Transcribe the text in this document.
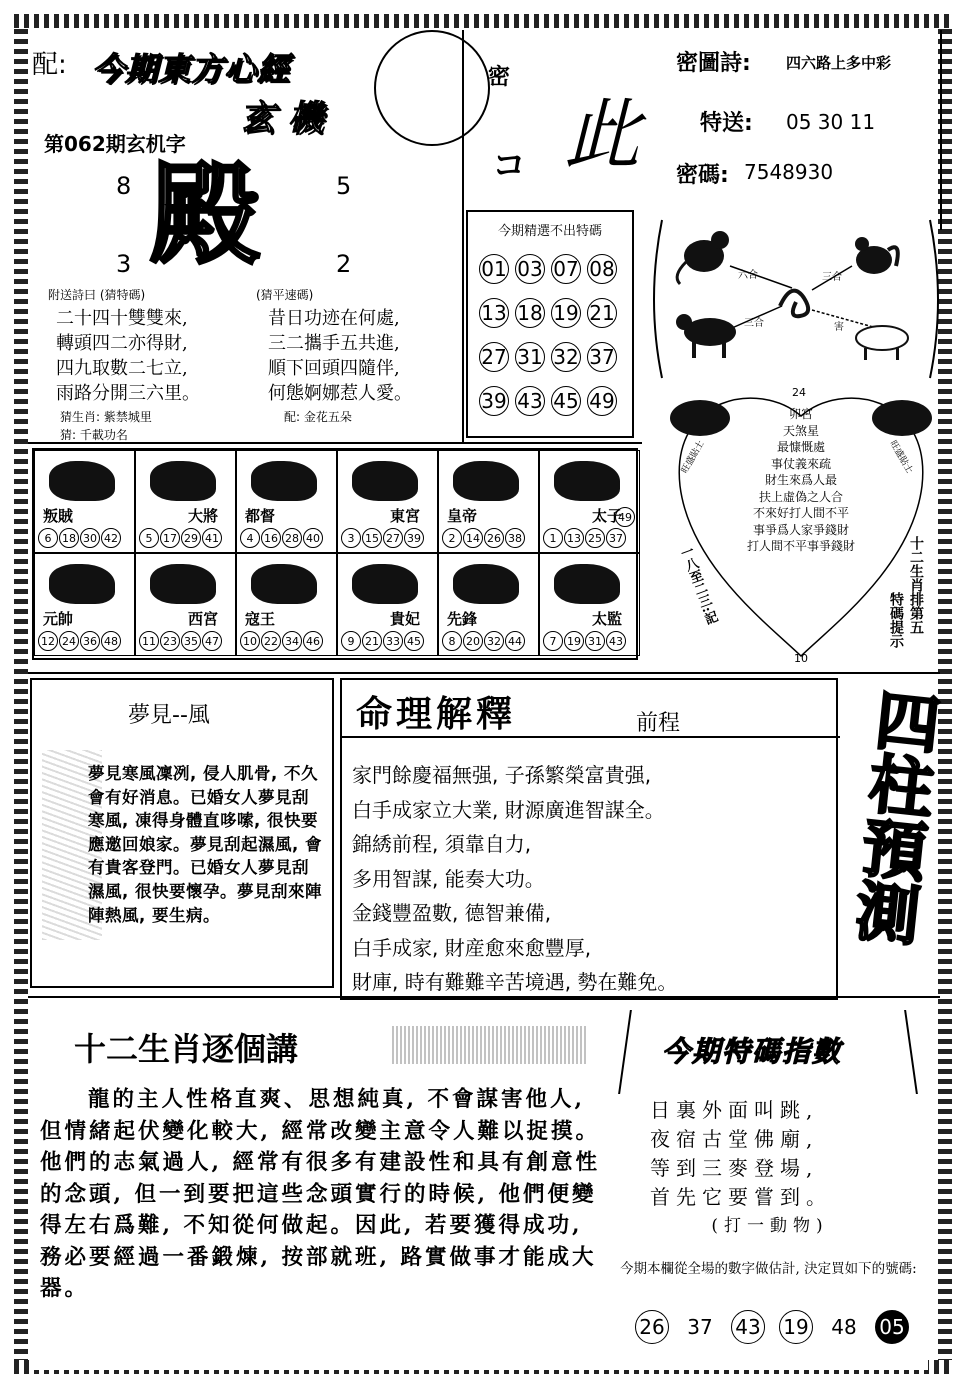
配: 今期東方心經
玄機
密
第062期玄机字
殿
8	5
3	2
コ 此
密圖詩: 四六路上多中彩
特送: 05 30 11
密碼: 7548930
附送詩曰 (猜特碼)	(猜平速碼)
二十四十雙雙來,
轉頭四二亦得財,
四九取數二七立,
雨路分開三六里。
昔日功迹在何處,
三二攜手五共進,
順下回頭四隨伴,
何態婀娜惹人愛。
猜生肖: 紫禁城里
猜: 千載功名
配: 金花五朵
今期精選不出特碼
01 03 07 08
13 18 19 21
27 31 32 37
39 43 45 49
六合	三合
三合	害
叛賊
6 18 30 42
大將
5 17 29 41
都督
4 16 28 40
東宮
3 15 27 39
皇帝
2 14 26 38
太子
1 13 25 37
49
元帥
12 24 36 48
西宮
11 23 35 47
寇王
10 22 34 46
貴妃
9 21 33 45
先鋒
8 20 32 44
太監
7 19 31 43
24
10
卯宮
天煞星
最慷慨處
事仗義來疏
財生來爲人最
扶上虛偽之人合
不來好打人間不平
事爭爲人家爭錢財
打人間不平事爭錢財
旺盛貼士	旺盛貼士
一八至二三:記	十二生肖排第五
特碼提示
夢見--風
夢見寒風凜冽, 侵人肌骨, 不久會有好消息。已婚女人夢見刮寒風, 凍得身體直哆嗦, 很快要應邀回娘家。夢見刮起濕風, 會有貴客登門。已婚女人夢見刮濕風, 很快要懷孕。夢見刮來陣陣熱風, 要生病。
命理解釋	前程
家門餘慶福無强, 子孫繁榮富貴强,
白手成家立大業, 財源廣進智謀全。
錦綉前程, 須靠自力,
多用智謀, 能奏大功。
金錢豐盈數, 德智兼備,
白手成家, 財産愈來愈豐厚,
財庫, 時有難難辛苦境遇, 勢在難免。
四柱預測
十二生肖逐個講
龍的主人性格直爽、思想純真, 不會謀害他人, 但情緒起伏變化較大, 經常改變主意令人難以捉摸。他們的志氣過人, 經常有很多有建設性和具有創意性的念頭, 但一到要把這些念頭實行的時候, 他們便變得左右爲難, 不知從何做起。因此, 若要獲得成功, 務必要經過一番鍛煉, 按部就班, 路實做事才能成大器。
今期特碼指數
日裏外面叫跳,
夜宿古堂佛廟,
等到三麥登場,
首先它要嘗到。
(打一動物)
今期本欄從全場的數字做估計, 決定買如下的號碼:
26 37 43 19 48 05
